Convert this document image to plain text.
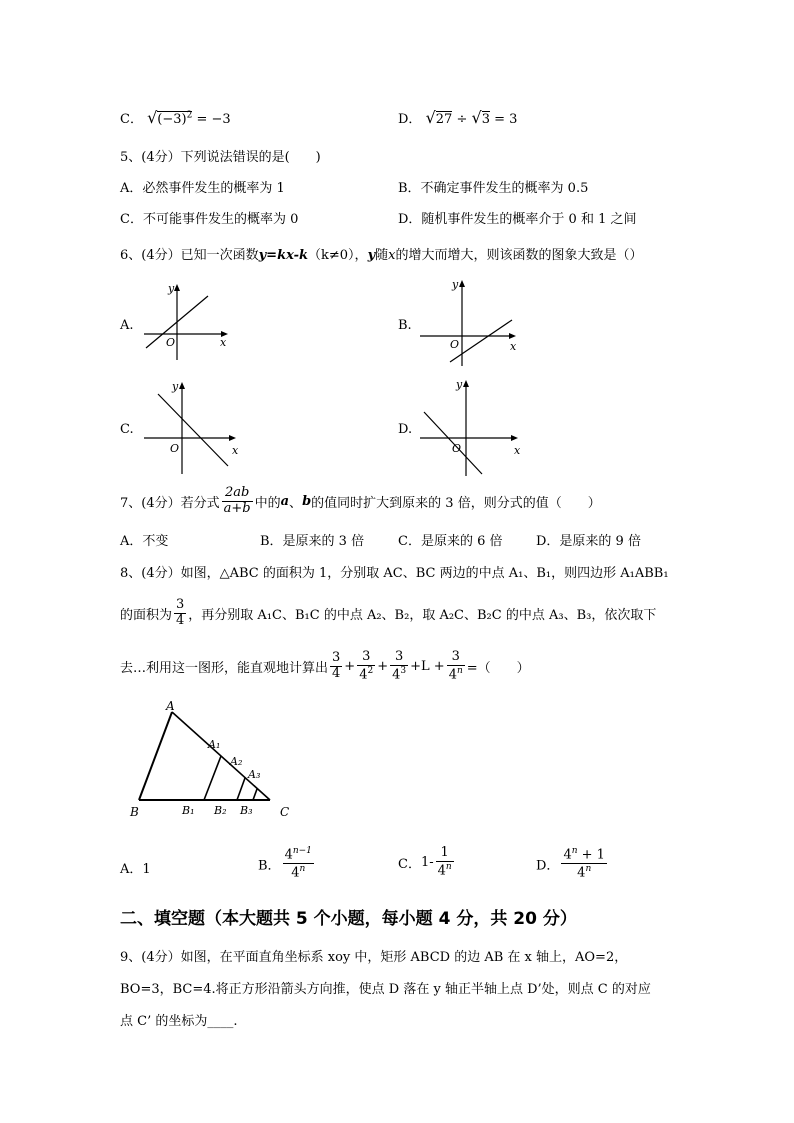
C． $√(-3)^2 = -3$	D． √27 ÷ √3 = 3
5、(4分）下列说法错误的是(　　)
A．必然事件发生的概率为 1	B．不确定事件发生的概率为 0.5
C．不可能事件发生的概率为 0	D．随机事件发生的概率介于 0 和 1 之间
6、(4分）已知一次函数y=kx-k（k≠0），y随x的增大而增大，则该函数的图象大致是（）
A.	B.
C.	D.
y
x
O
y
x
O
y
x
O
y
x
O
7、(4分）若分式 $\frac{2ab}{a+b}$ 中的a、b的值同时扩大到原来的 3 倍，则分式的值（　　）
A．不变	B．是原来的 3 倍	C．是原来的 6 倍	D．是原来的 9 倍
8、(4分）如图，△ABC 的面积为 1，分别取 AC、BC 两边的中点 A₁、B₁，则四边形 A₁ABB₁
的面积为 $\frac{3}{4}$ ，再分别取 A₁C、B₁C 的中点 A₂、B₂，取 A₂C、B₂C 的中点 A₃、B₃，依次取下
去…利用这一图形，能直观地计算出 $\frac{3}{4} + \frac{3}{4^2} + \frac{3}{4^3} +L + \frac{3}{4^n}$ =（　　）
A
B	C
A₁
A₂
A₃
B₁ B₂ B₃
A．1	B． $\frac{4^{n-1}}{4^n}$	C．$1- \frac{1}{4^n}$	D． $\frac{4^n + 1}{4^n}$
二、填空题（本大题共 5 个小题，每小题 4 分，共 20 分）
9、(4分）如图，在平面直角坐标系 xoy 中，矩形 ABCD 的边 AB 在 x 轴上，AO=2，
BO=3，BC=4.将正方形沿箭头方向推，使点 D 落在 y 轴正半轴上点 D’处，则点 C 的对应
点 C’ 的坐标为____.
